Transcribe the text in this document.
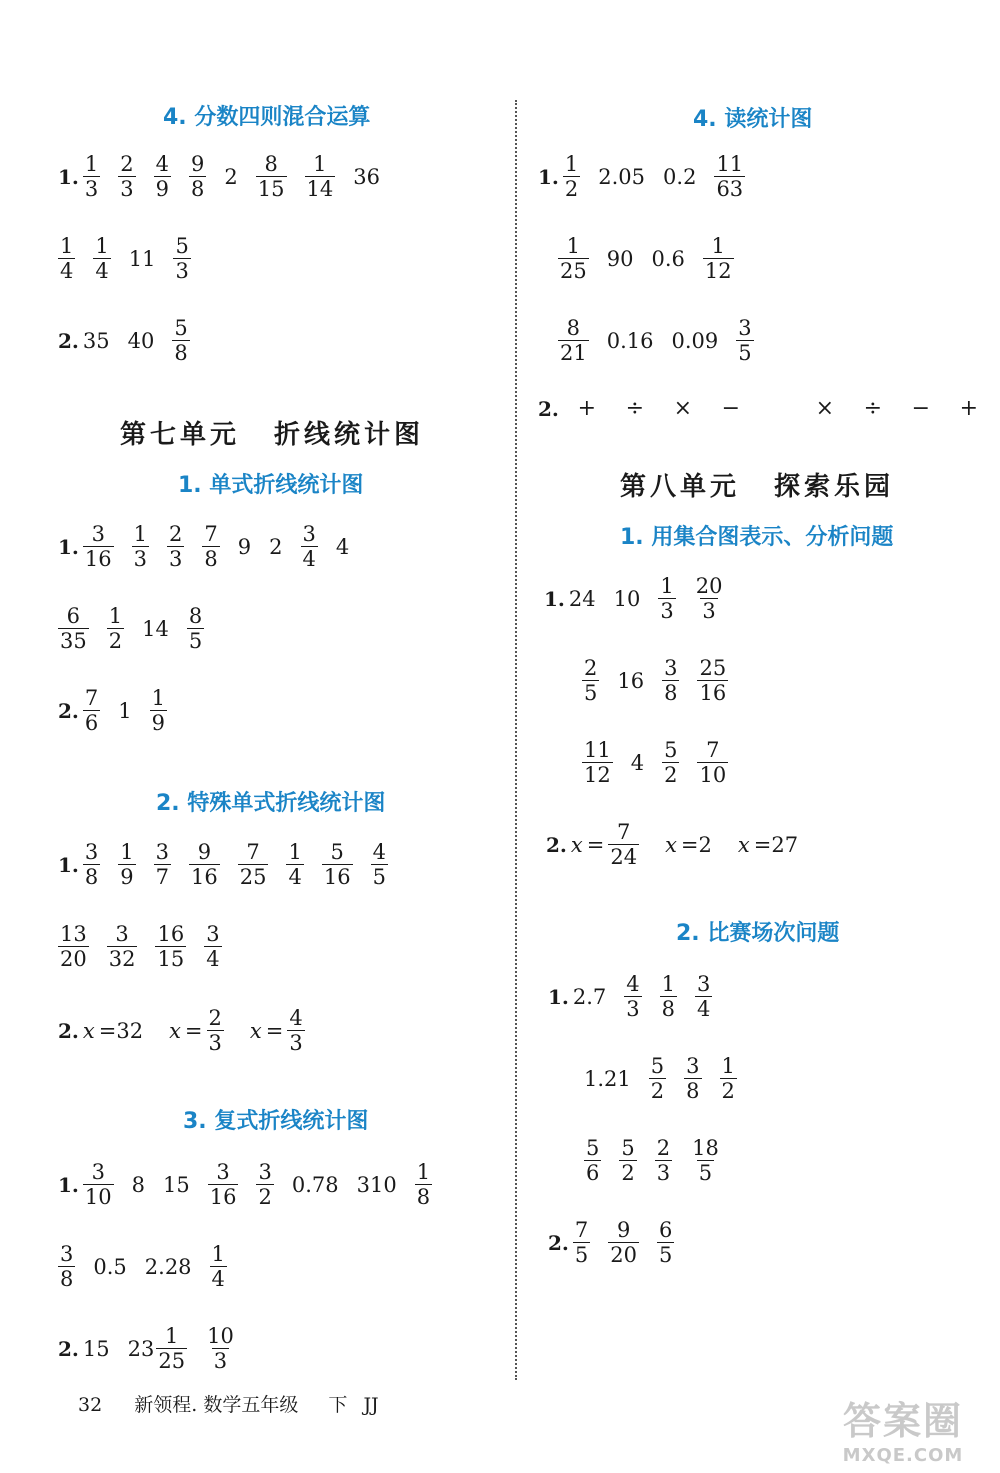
4. 分数四则混合运算
1. $\frac{1}{3} \frac{2}{3} \frac{4}{9} \frac{9}{8} 2 \frac{8}{15} \frac{1}{14} 36$
$\frac{1}{4} \frac{1}{4} 11 \frac{5}{3}$
2. 35 $40 \frac{5}{8}$
第七单元 折线统计图
1. 单式折线统计图
1. $\frac{3}{16} \frac{1}{3} \frac{2}{3} \frac{7}{8} 9$ $2 \frac{3}{4} 4$
$\frac{6}{35} \frac{1}{2} 14 \frac{8}{5}$
2. $\frac{7}{6} 1 \frac{1}{9}$
2. 特殊单式折线统计图
1. $\frac{3}{8} \frac{1}{9} \frac{3}{7} \frac{9}{16} \frac{7}{25} \frac{1}{4} \frac{5}{16} \frac{4}{5}$
$\frac{13}{20} \frac{3}{32} \frac{16}{15} \frac{3}{4}$
2. x = 32 $x = \frac{2}{3}$ $x = \frac{4}{3}$
3. 复式折线统计图
1. $\frac{3}{10} 8$ $15 \frac{3}{16} \frac{3}{2} 0.78$ $310 \frac{1}{8}$
$\frac{3}{8} 0.5$ $2.28 \frac{1}{4}$
2. 15 $23 \frac{1}{25} \frac{10}{3}$
4. 读统计图
1. $\frac{1}{2} 2.05$ $0.2 \frac{11}{63}$
$\frac{1}{25} 90$ $0.6 \frac{1}{12}$
$\frac{8}{21} 0.16$ $0.09 \frac{3}{5}$
2. +	÷	×	−	×	÷	−	+
第八单元 探索乐园
1. 用集合图表示、分析问题
1. 24 $10 \frac{1}{3} \frac{20}{3}$
$\frac{2}{5} 16 \frac{3}{8} \frac{25}{16}$
$\frac{11}{12} 4 \frac{5}{2} \frac{7}{10}$
2. $x = \frac{7}{24}$ x = 2 x = 27
2. 比赛场次问题
1. $2.7 \frac{4}{3} \frac{1}{8} \frac{3}{4}$
$1.21 \frac{5}{2} \frac{3}{8} \frac{1}{2}$
$\frac{5}{6} \frac{5}{2} \frac{2}{3} \frac{18}{5}$
2. $\frac{7}{5} \frac{9}{20} \frac{6}{5}$
32 新领程. 数学五年级 下 JJ	答案圈
MXQE.COM
